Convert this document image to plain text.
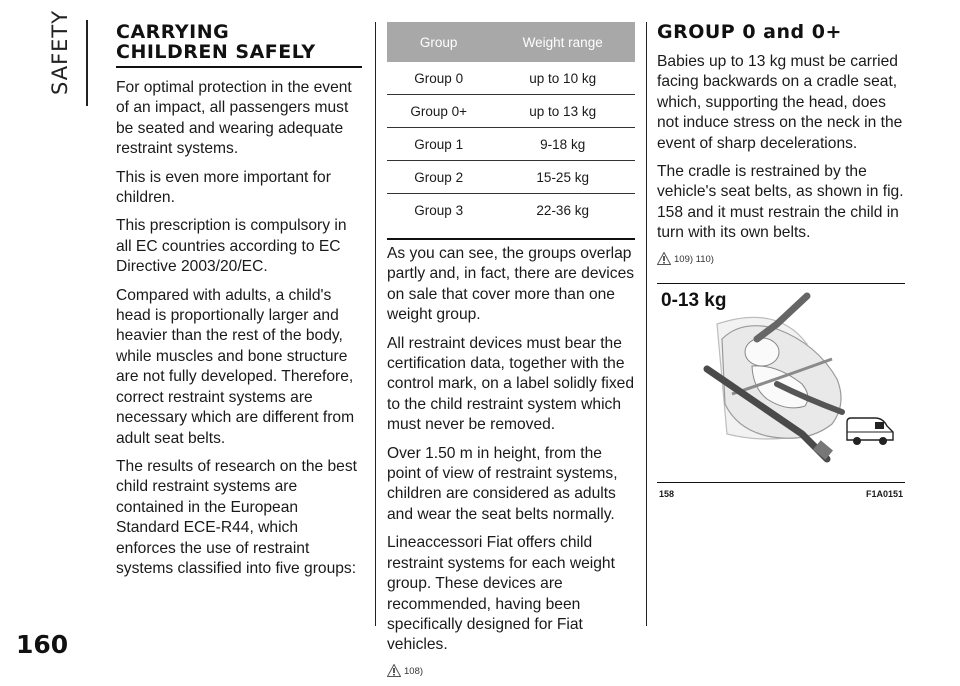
SAFETY
160
CARRYING
CHILDREN SAFELY

For optimal protection in the event of an impact, all passengers must be seated and wearing adequate restraint systems.

This is even more important for children.

This prescription is compulsory in all EC countries according to EC Directive 2003/20/EC.

Compared with adults, a child's head is proportionally larger and heavier than the rest of the body, while muscles and bone structure are not fully developed. Therefore, correct restraint systems are necessary which are different from adult seat belts.

The results of research on the best child restraint systems are contained in the European Standard ECE-R44, which enforces the use of restraint systems classified into five groups:

Group	Weight range
Group 0	up to 10 kg
Group 0+	up to 13 kg
Group 1	9-18 kg
Group 2	15-25 kg
Group 3	22-36 kg

As you can see, the groups overlap partly and, in fact, there are devices on sale that cover more than one weight group.

All restraint devices must bear the certification data, together with the control mark, on a label solidly fixed to the child restraint system which must never be removed.

Over 1.50 m in height, from the point of view of restraint systems, children are considered as adults and wear the seat belts normally.

Lineaccessori Fiat offers child restraint systems for each weight group. These devices are recommended, having been specifically designed for Fiat vehicles.

108)
GROUP 0 and 0+

Babies up to 13 kg must be carried facing backwards on a cradle seat, which, supporting the head, does not induce stress on the neck in the event of sharp decelerations.

The cradle is restrained by the vehicle's seat belts, as shown in fig. 158 and it must restrain the child in turn with its own belts.

109) 110)
0-13 kg
158	F1A0151
